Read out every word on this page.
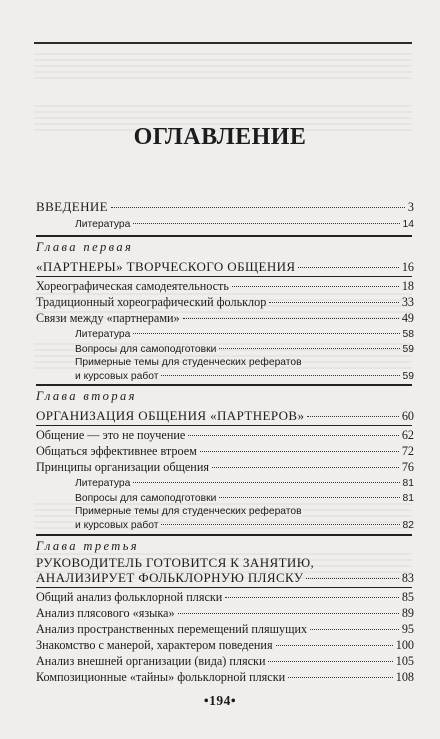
ОГЛАВЛЕНИЕ
ВВЕДЕНИЕ	3
Литература	14
Глава первая
«ПАРТНЕРЫ» ТВОРЧЕСКОГО ОБЩЕНИЯ	16
Хореографическая самодеятельность	18
Традиционный хореографический фольклор	33
Связи между «партнерами»	49
Литература	58
Вопросы для самоподготовки	59
Примерные темы для студенческих рефератов
и курсовых работ	59
Глава вторая
ОРГАНИЗАЦИЯ ОБЩЕНИЯ «ПАРТНЕРОВ»	60
Общение — это не поучение	62
Общаться эффективнее втроем	72
Принципы организации общения	76
Литература	81
Вопросы для самоподготовки	81
Примерные темы для студенческих рефератов
и курсовых работ	82
Глава третья
РУКОВОДИТЕЛЬ ГОТОВИТСЯ К ЗАНЯТИЮ,
АНАЛИЗИРУЕТ ФОЛЬКЛОРНУЮ ПЛЯСКУ	83
Общий анализ фольклорной пляски	85
Анализ плясового «языка»	89
Анализ пространственных перемещений пляшущих	95
Знакомство с манерой, характером поведения	100
Анализ внешней организации (вида) пляски	105
Композиционные «тайны» фольклорной пляски	108
•194•
